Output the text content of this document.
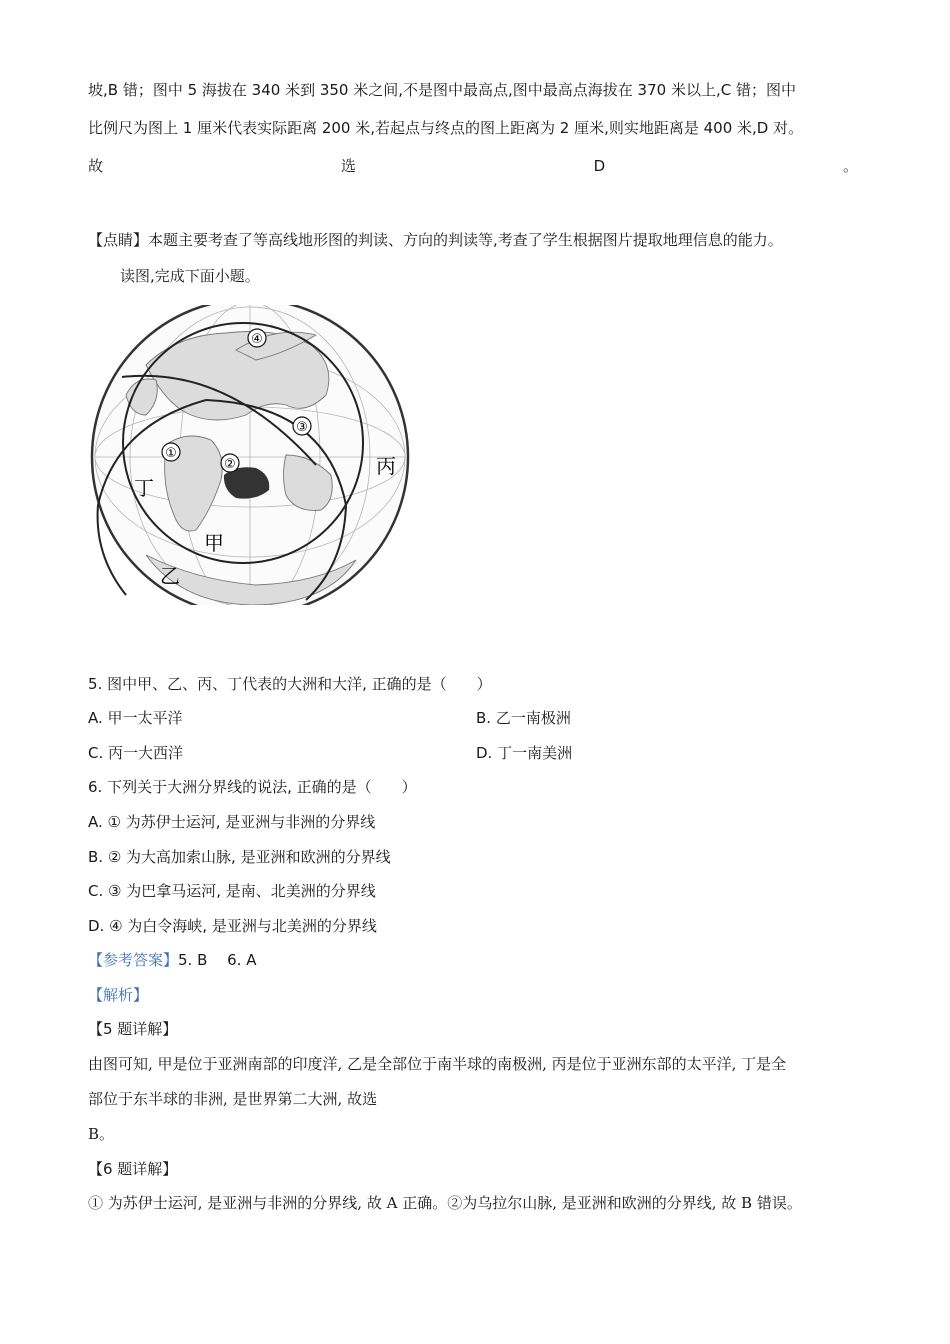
坡,B 错；图中 5 海拔在 340 米到 350 米之间,不是图中最高点,图中最高点海拔在 370 米以上,C 错；图中
比例尺为图上 1 厘米代表实际距离 200 米,若起点与终点的图上距离为 2 厘米,则实地距离是 400 米,D 对。
故	选	D	。
【点睛】本题主要考查了等高线地形图的判读、方向的判读等,考查了学生根据图片提取地理信息的能力。
读图,完成下面小题。
①
②
③
④
丙
丁
甲
乙
5. 图中甲、乙、丙、丁代表的大洲和大洋, 正确的是（　　）
A. 甲一太平洋	B. 乙一南极洲
C. 丙一大西洋	D. 丁一南美洲
6. 下列关于大洲分界线的说法, 正确的是（　　）
A. ① 为苏伊士运河, 是亚洲与非洲的分界线
B. ② 为大高加索山脉, 是亚洲和欧洲的分界线
C. ③ 为巴拿马运河, 是南、北美洲的分界线
D. ④ 为白令海峡, 是亚洲与北美洲的分界线
【参考答案】5. B　 6. A
【解析】
【5 题详解】
由图可知, 甲是位于亚洲南部的印度洋, 乙是全部位于南半球的南极洲, 丙是位于亚洲东部的太平洋, 丁是全
部位于东半球的非洲, 是世界第二大洲, 故选
B。
【6 题详解】
① 为苏伊士运河, 是亚洲与非洲的分界线, 故 A 正确。②为乌拉尔山脉, 是亚洲和欧洲的分界线, 故 B 错误。
